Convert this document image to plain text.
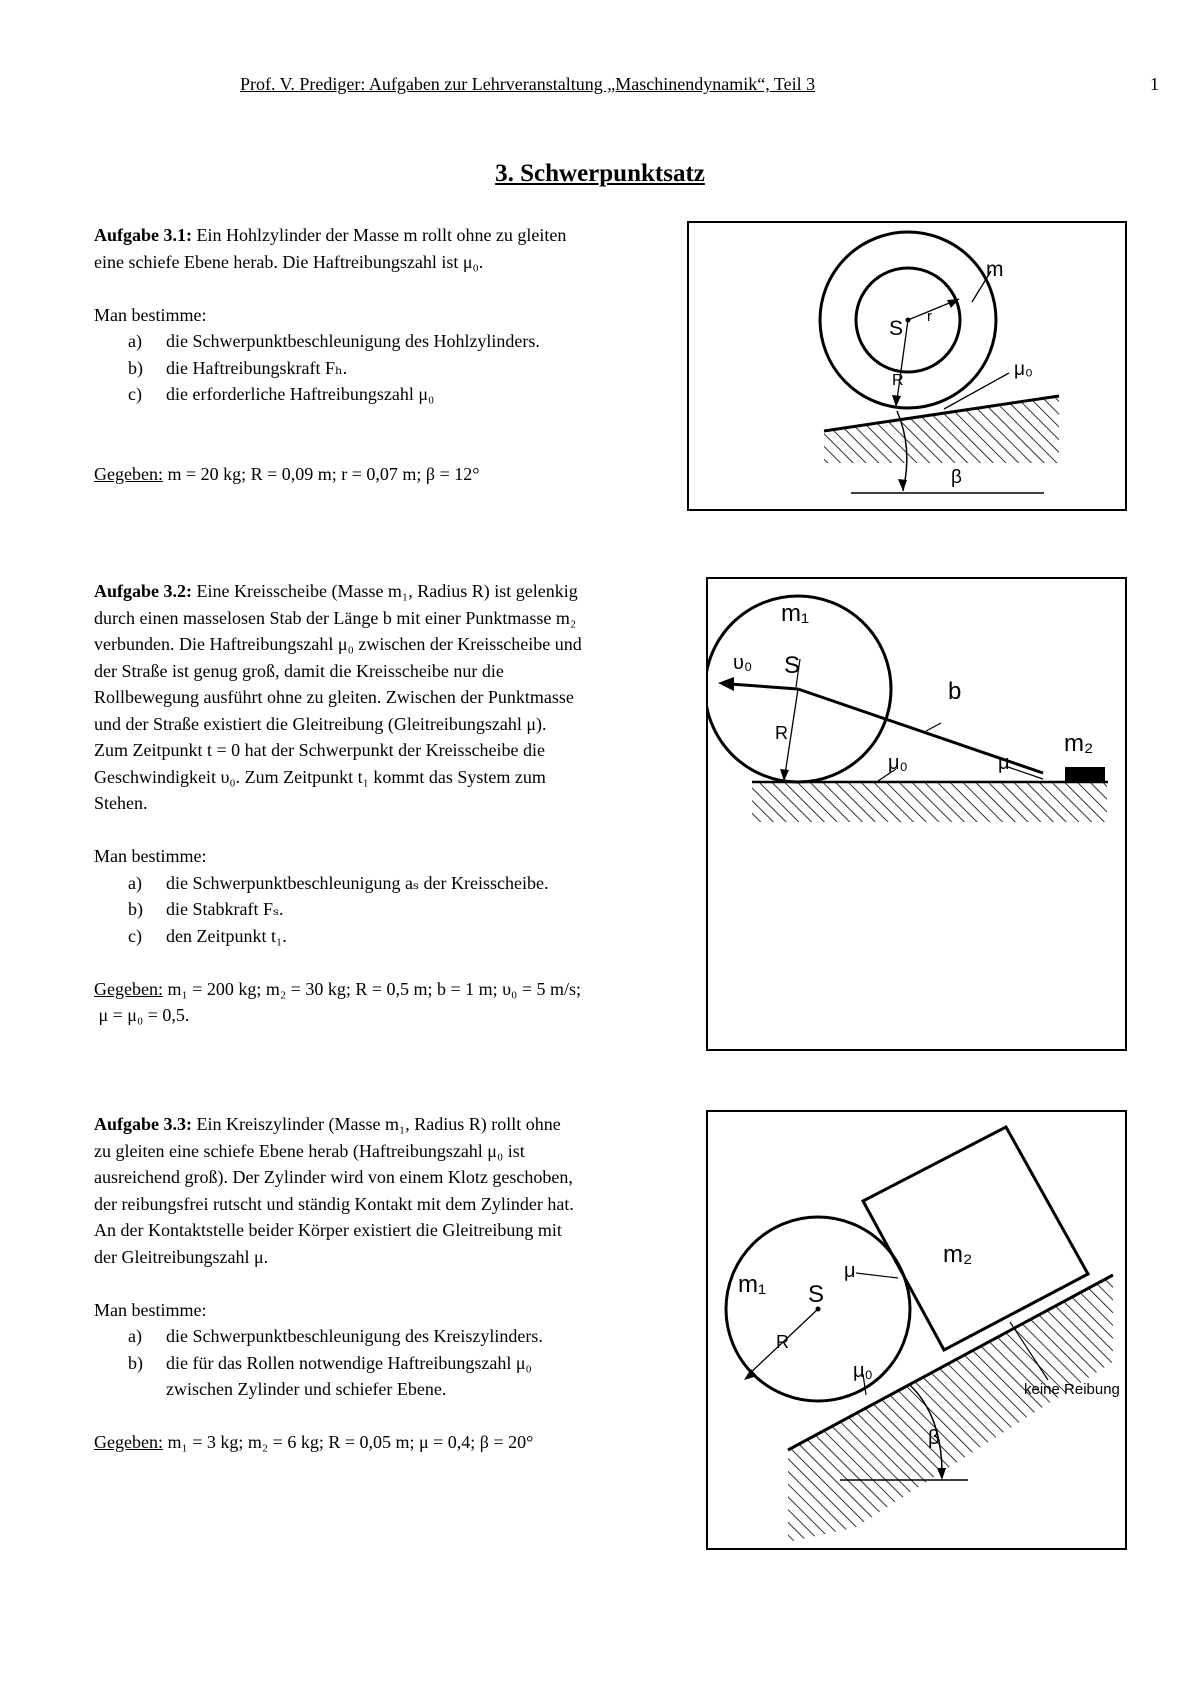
Prof. V. Prediger: Aufgaben zur Lehrveranstaltung „Maschinendynamik“, Teil 3	1
3. Schwerpunktsatz

Aufgabe 3.1: Ein Hohlzylinder der Masse m rollt ohne zu gleiten

eine schiefe Ebene herab. Die Haftreibungszahl ist μ₀.

Man bestimme:

a) die Schwerpunktbeschleunigung des Hohlzylinders.
b) die Haftreibungskraft Fₕ.
c) die erforderliche Haftreibungszahl μ₀

Gegeben: m = 20 kg; R = 0,09 m; r = 0,07 m; β = 12°

m
S
r
R
μ₀
β

Aufgabe 3.2: Eine Kreisscheibe (Masse m₁, Radius R) ist gelenkig

durch einen masselosen Stab der Länge b mit einer Punktmasse m₂

verbunden. Die Haftreibungszahl μ₀ zwischen der Kreisscheibe und

der Straße ist genug groß, damit die Kreisscheibe nur die

Rollbewegung ausführt ohne zu gleiten. Zwischen der Punktmasse

und der Straße existiert die Gleitreibung (Gleitreibungszahl μ).

Zum Zeitpunkt t = 0 hat der Schwerpunkt der Kreisscheibe die

Geschwindigkeit υ₀. Zum Zeitpunkt t₁ kommt das System zum

Stehen.

Man bestimme:

a) die Schwerpunktbeschleunigung aₛ der Kreisscheibe.
b) die Stabkraft Fₛ.
c) den Zeitpunkt t₁.

Gegeben: m₁ = 200 kg; m₂ = 30 kg; R = 0,5 m; b = 1 m; υ₀ = 5 m/s;

μ = μ₀ = 0,5.

m₁
υ₀ S
b
R	m₂
μ₀	μ

Aufgabe 3.3: Ein Kreiszylinder (Masse m₁, Radius R) rollt ohne

zu gleiten eine schiefe Ebene herab (Haftreibungszahl μ₀ ist

ausreichend groß). Der Zylinder wird von einem Klotz geschoben,

der reibungsfrei rutscht und ständig Kontakt mit dem Zylinder hat.

An der Kontaktstelle beider Körper existiert die Gleitreibung mit

der Gleitreibungszahl μ.

Man bestimme:

a) die Schwerpunktbeschleunigung des Kreiszylinders.
b) die für das Rollen notwendige Haftreibungszahl μ₀
zwischen Zylinder und schiefer Ebene.

Gegeben: m₁ = 3 kg; m₂ = 6 kg; R = 0,05 m; μ = 0,4; β = 20°

m₁ S
R
μ
μ₀
m₂
keine Reibung
β
